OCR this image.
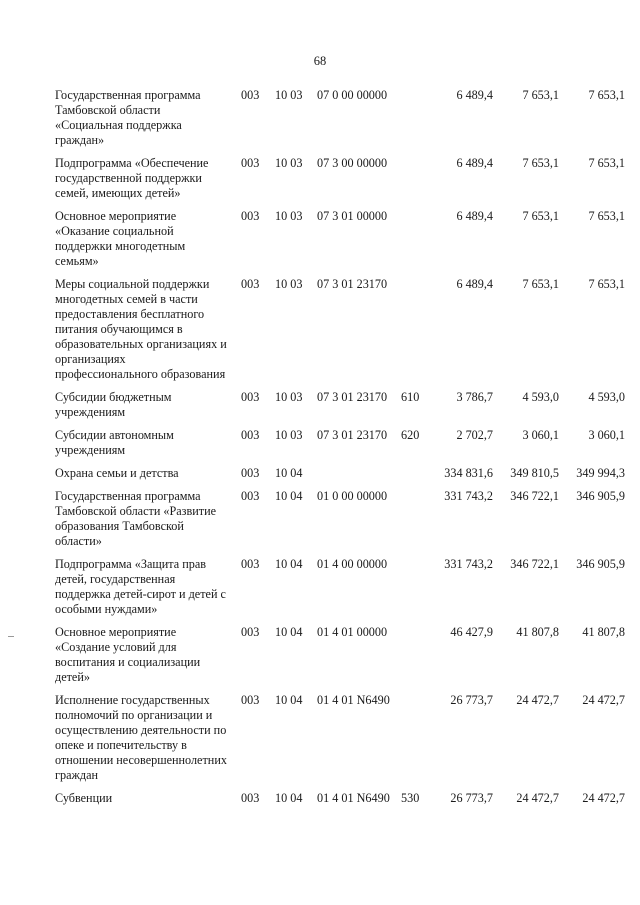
68
Государственная программа Тамбовской области «Социальная поддержка граждан»	003	10 03	07 0 00 00000		6 489,4	7 653,1	7 653,1
Подпрограмма «Обеспечение государственной поддержки семей, имеющих детей»	003	10 03	07 3 00 00000		6 489,4	7 653,1	7 653,1
Основное мероприятие «Оказание социальной поддержки многодетным семьям»	003	10 03	07 3 01 00000		6 489,4	7 653,1	7 653,1
Меры социальной поддержки многодетных семей в части предоставления бесплатного питания обучающимся в образовательных организациях и организациях профессионального образования	003	10 03	07 3 01 23170		6 489,4	7 653,1	7 653,1
Субсидии бюджетным учреждениям	003	10 03	07 3 01 23170	610	3 786,7	4 593,0	4 593,0
Субсидии автономным учреждениям	003	10 03	07 3 01 23170	620	2 702,7	3 060,1	3 060,1
Охрана семьи и детства	003	10 04			334 831,6	349 810,5	349 994,3
Государственная программа Тамбовской области «Развитие образования Тамбовской области»	003	10 04	01 0 00 00000		331 743,2	346 722,1	346 905,9
Подпрограмма «Защита прав детей, государственная поддержка детей-сирот и детей с особыми нуждами»	003	10 04	01 4 00 00000		331 743,2	346 722,1	346 905,9
Основное мероприятие «Создание условий для воспитания и социализации детей»	003	10 04	01 4 01 00000		46 427,9	41 807,8	41 807,8
Исполнение государственных полномочий по организации и осуществлению деятельности по опеке и попечительству в отношении несовершеннолетних граждан	003	10 04	01 4 01 N6490		26 773,7	24 472,7	24 472,7
Субвенции	003	10 04	01 4 01 N6490	530	26 773,7	24 472,7	24 472,7
